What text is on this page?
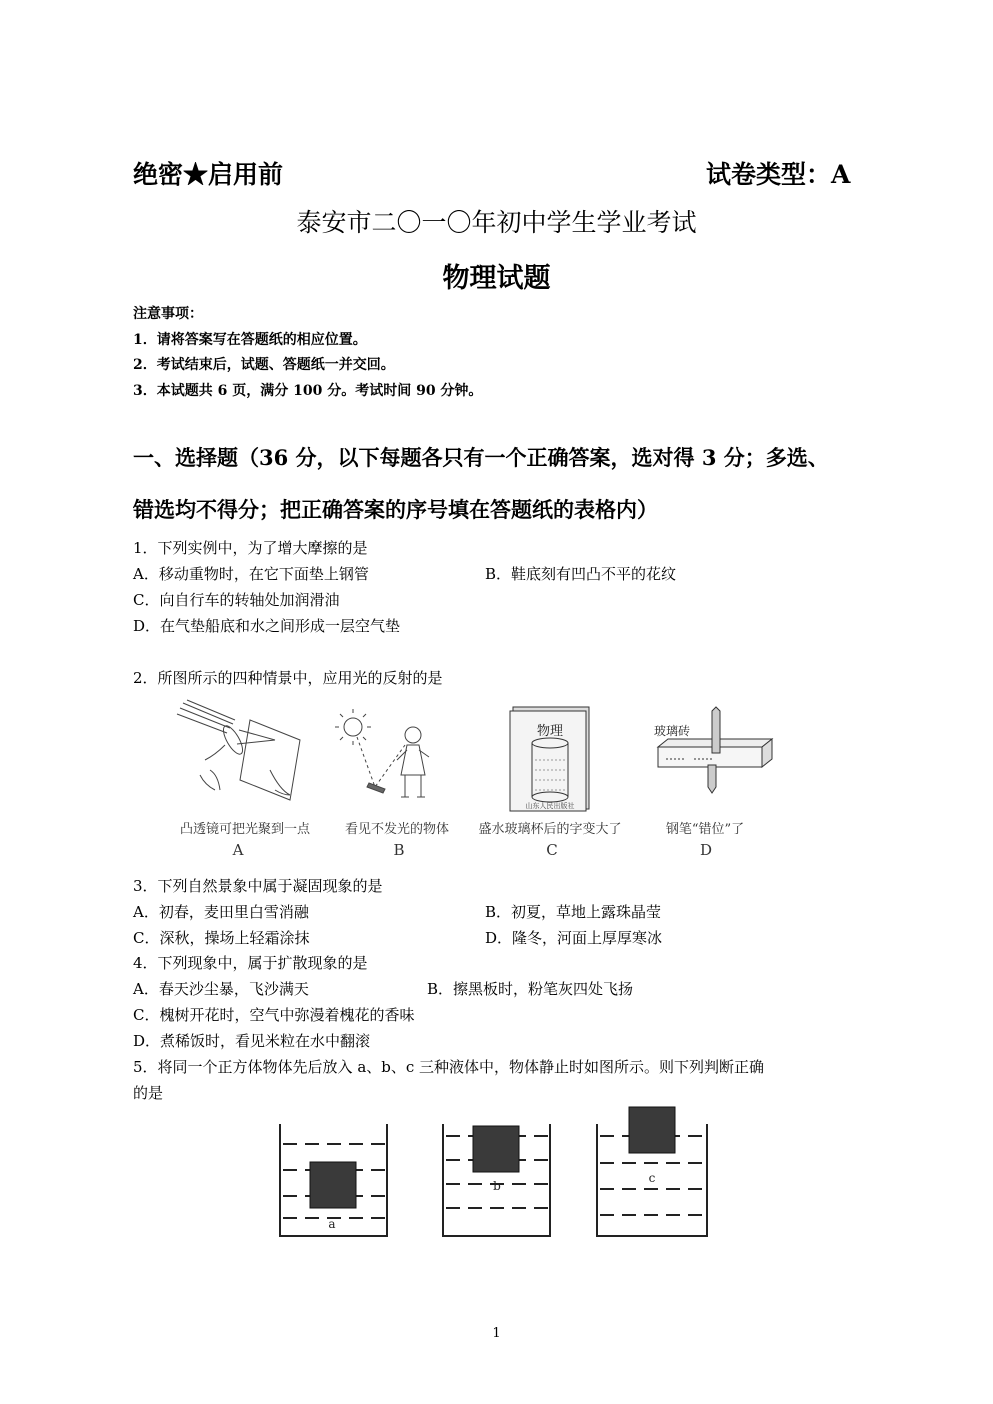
绝密★启用前	试卷类型：A
泰安市二〇一〇年初中学生学业考试
物理试题
注意事项：
1．请将答案写在答题纸的相应位置。
2．考试结束后，试题、答题纸一并交回。
3．本试题共 6 页，满分 100 分。考试时间 90 分钟。
一、选择题（36 分，以下每题各只有一个正确答案，选对得 3 分；多选、
错选均不得分；把正确答案的序号填在答题纸的表格内）
1．下列实例中，为了增大摩擦的是
A．移动重物时，在它下面垫上钢管	B．鞋底刻有凹凸不平的花纹
C．向自行车的转轴处加润滑油
D．在气垫船底和水之间形成一层空气垫
2．所图所示的四种情景中，应用光的反射的是
物理
山东人民出版社
玻璃砖
凸透镜可把光聚到一点	看见不发光的物体	盛水玻璃杯后的字变大了	钢笔“错位”了
A	B	C	D
3．下列自然景象中属于凝固现象的是
A．初春，麦田里白雪消融	B．初夏，草地上露珠晶莹
C．深秋，操场上轻霜涂抹	D．隆冬，河面上厚厚寒冰
4．下列现象中，属于扩散现象的是
A．春天沙尘暴，飞沙满天	B．擦黑板时，粉笔灰四处飞扬
C．槐树开花时，空气中弥漫着槐花的香味
D．煮稀饭时，看见米粒在水中翻滚
5．将同一个正方体物体先后放入 a、b、c 三种液体中，物体静止时如图所示。则下列判断正确
的是
a
b
c
1
